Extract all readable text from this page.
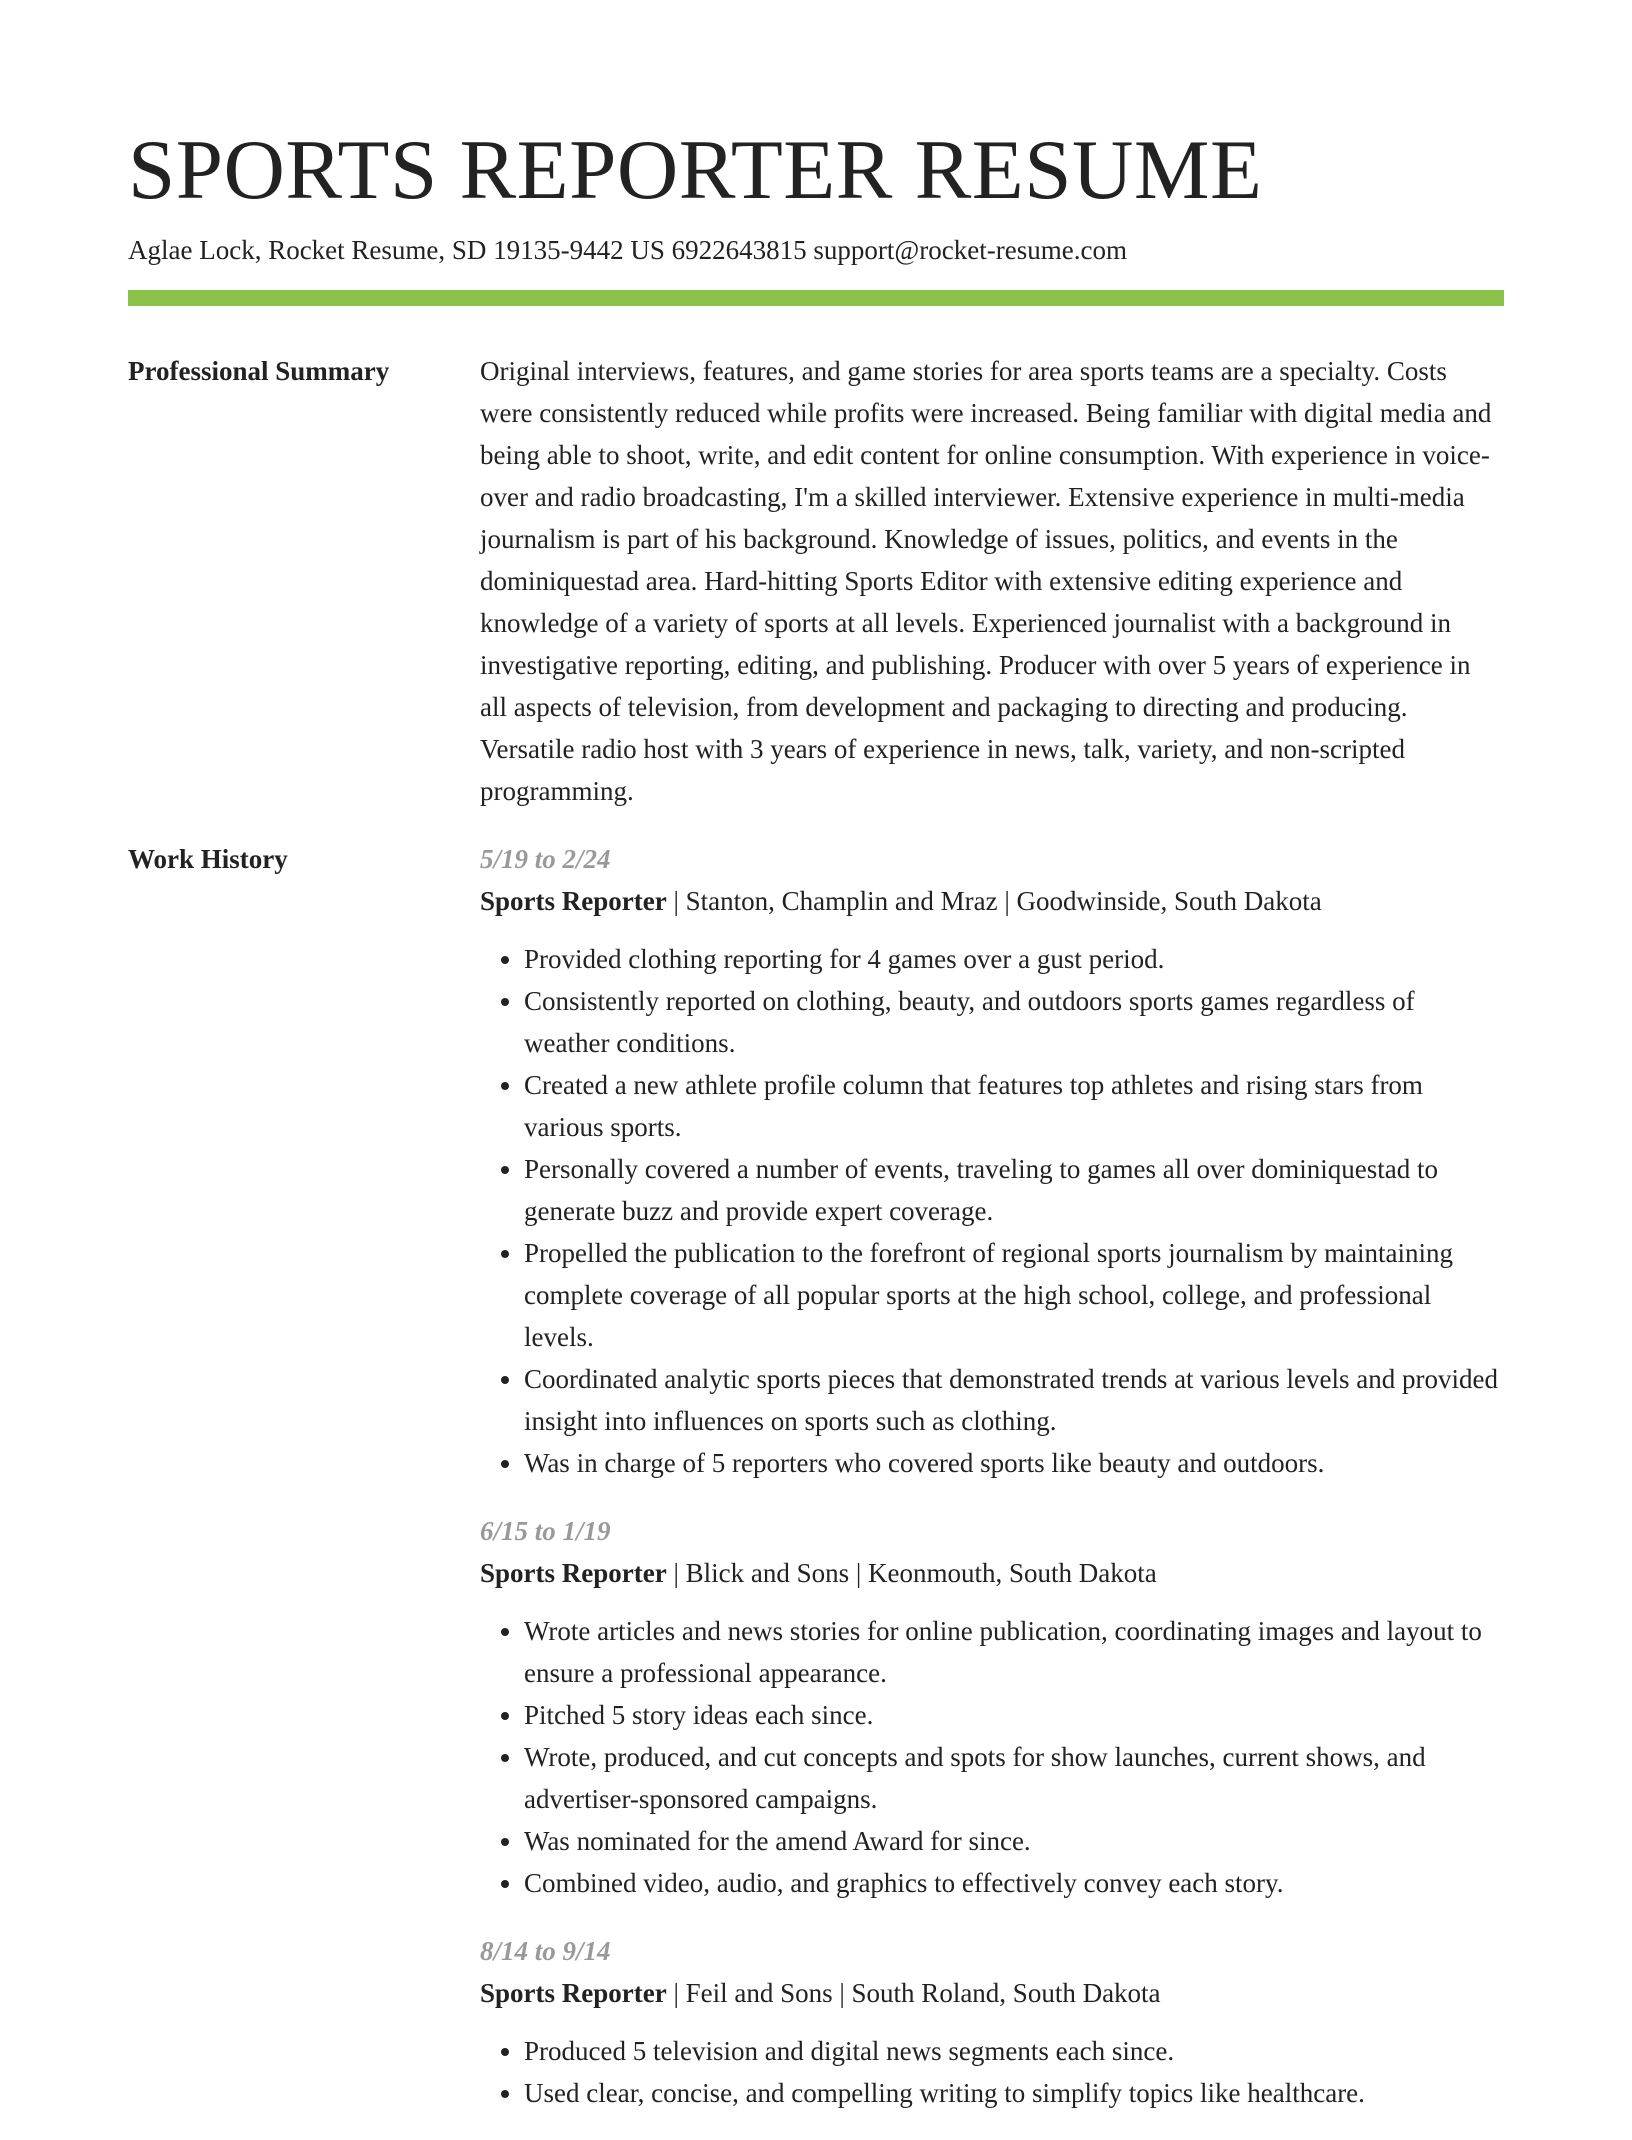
SPORTS REPORTER RESUME
Aglae Lock, Rocket Resume, SD 19135-9442 US 6922643815 support@rocket-resume.com
Professional Summary	Original interviews, features, and game stories for area sports teams are a specialty. Costs were consistently reduced while profits were increased. Being familiar with digital media and being able to shoot, write, and edit content for online consumption. With experience in voice-over and radio broadcasting, I'm a skilled interviewer. Extensive experience in multi-media journalism is part of his background. Knowledge of issues, politics, and events in the dominiquestad area. Hard-hitting Sports Editor with extensive editing experience and knowledge of a variety of sports at all levels. Experienced journalist with a background in investigative reporting, editing, and publishing. Producer with over 5 years of experience in all aspects of television, from development and packaging to directing and producing. Versatile radio host with 3 years of experience in news, talk, variety, and non-scripted programming.

Work History	5/19 to 2/24
Sports Reporter | Stanton, Champlin and Mraz | Goodwinside, South Dakota
• Provided clothing reporting for 4 games over a gust period.
• Consistently reported on clothing, beauty, and outdoors sports games regardless of weather conditions.
• Created a new athlete profile column that features top athletes and rising stars from various sports.
• Personally covered a number of events, traveling to games all over dominiquestad to generate buzz and provide expert coverage.
• Propelled the publication to the forefront of regional sports journalism by maintaining complete coverage of all popular sports at the high school, college, and professional levels.
• Coordinated analytic sports pieces that demonstrated trends at various levels and provided insight into influences on sports such as clothing.
• Was in charge of 5 reporters who covered sports like beauty and outdoors.
6/15 to 1/19
Sports Reporter | Blick and Sons | Keonmouth, South Dakota
• Wrote articles and news stories for online publication, coordinating images and layout to ensure a professional appearance.
• Pitched 5 story ideas each since.
• Wrote, produced, and cut concepts and spots for show launches, current shows, and advertiser-sponsored campaigns.
• Was nominated for the amend Award for since.
• Combined video, audio, and graphics to effectively convey each story.
8/14 to 9/14
Sports Reporter | Feil and Sons | South Roland, South Dakota
• Produced 5 television and digital news segments each since.
• Used clear, concise, and compelling writing to simplify topics like healthcare.
